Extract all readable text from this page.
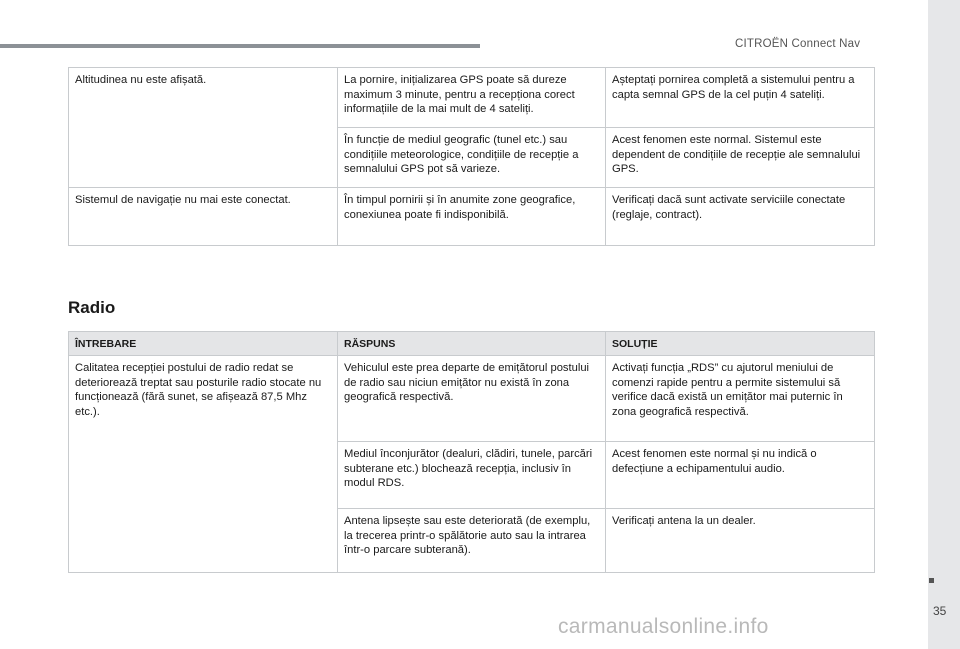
CITROËN Connect Nav
Altitudinea nu este afișată.	La pornire, inițializarea GPS poate să dureze maximum 3 minute, pentru a recepționa corect informațiile de la mai mult de 4 sateliți.	Așteptați pornirea completă a sistemului pentru a capta semnal GPS de la cel puțin 4 sateliți.
	În funcție de mediul geografic (tunel etc.) sau condițiile meteorologice, condițiile de recepție a semnalului GPS pot să varieze.	Acest fenomen este normal. Sistemul este dependent de condițiile de recepție ale semnalului GPS.
Sistemul de navigație nu mai este conectat.	În timpul pornirii și în anumite zone geografice, conexiunea poate fi indisponibilă.	Verificați dacă sunt activate serviciile conectate (reglaje, contract).
Radio
ÎNTREBARE	RĂSPUNS	SOLUȚIE
Calitatea recepției postului de radio redat se deteriorează treptat sau posturile radio stocate nu funcționează (fără sunet, se afișează 87,5 Mhz etc.).	Vehiculul este prea departe de emițătorul postului de radio sau niciun emițător nu există în zona geografică respectivă.	Activați funcția „RDS” cu ajutorul meniului de comenzi rapide pentru a permite sistemului să verifice dacă există un emițător mai puternic în zona geografică respectivă.
	Mediul înconjurător (dealuri, clădiri, tunele, parcări subterane etc.) blochează recepția, inclusiv în modul RDS.	Acest fenomen este normal și nu indică o defecțiune a echipamentului audio.
	Antena lipsește sau este deteriorată (de exemplu, la trecerea printr-o spălătorie auto sau la intrarea într-o parcare subterană).	Verificați antena la un dealer.
35
carmanualsonline.info
